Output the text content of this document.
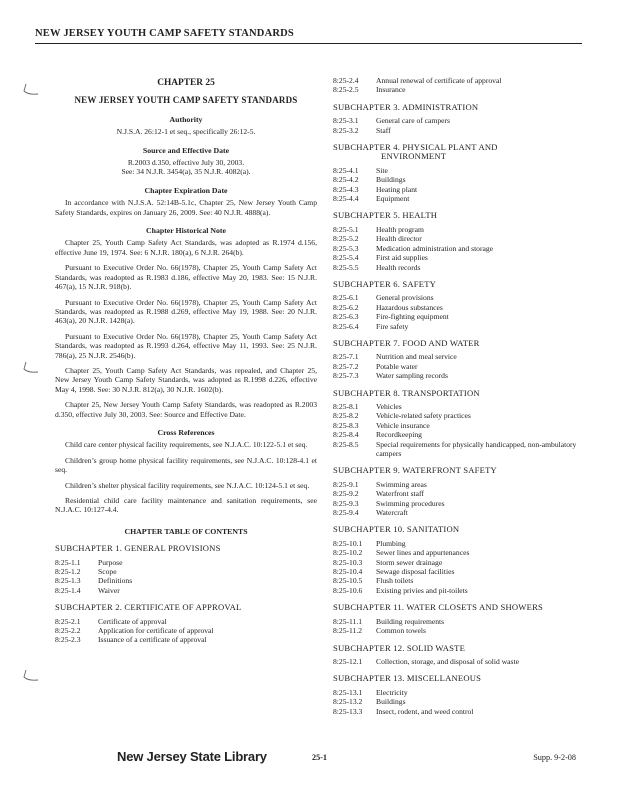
NEW JERSEY YOUTH CAMP SAFETY STANDARDS
CHAPTER 25
NEW JERSEY YOUTH CAMP SAFETY STANDARDS
Authority

N.J.S.A. 26:12-1 et seq., specifically 26:12-5.

Source and Effective Date

R.2003 d.350, effective July 30, 2003.

See: 34 N.J.R. 3454(a), 35 N.J.R. 4082(a).

Chapter Expiration Date

In accordance with N.J.S.A. 52:14B-5.1c, Chapter 25, New Jersey Youth Camp Safety Standards, expires on January 26, 2009. See: 40 N.J.R. 4888(a).

Chapter Historical Note

Chapter 25, Youth Camp Safety Act Standards, was adopted as R.1974 d.156, effective June 19, 1974. See: 6 N.J.R. 180(a), 6 N.J.R. 264(b).

Pursuant to Executive Order No. 66(1978), Chapter 25, Youth Camp Safety Act Standards, was readopted as R.1983 d.186, effective May 20, 1983. See: 15 N.J.R. 467(a), 15 N.J.R. 918(b).

Pursuant to Executive Order No. 66(1978), Chapter 25, Youth Camp Safety Act Standards, was readopted as R.1988 d.269, effective May 19, 1988. See: 20 N.J.R. 463(a), 20 N.J.R. 1428(a).

Pursuant to Executive Order No. 66(1978), Chapter 25, Youth Camp Safety Act Standards, was readopted as R.1993 d.264, effective May 11, 1993. See: 25 N.J.R. 786(a), 25 N.J.R. 2546(b).

Chapter 25, Youth Camp Safety Act Standards, was repealed, and Chapter 25, New Jersey Youth Camp Safety Standards, was adopted as R.1998 d.226, effective May 4, 1998. See: 30 N.J.R. 812(a), 30 N.J.R. 1602(b).

Chapter 25, New Jersey Youth Camp Safety Standards, was readopted as R.2003 d.350, effective July 30, 2003. See: Source and Effective Date.

Cross References

Child care center physical facility requirements, see N.J.A.C. 10:122-5.1 et seq.

Children’s group home physical facility requirements, see N.J.A.C. 10:128-4.1 et seq.

Children’s shelter physical facility requirements, see N.J.A.C. 10:124-5.1 et seq.

Residential child care facility maintenance and sanitation requirements, see N.J.A.C. 10:127-4.4.

CHAPTER TABLE OF CONTENTS
SUBCHAPTER 1. GENERAL PROVISIONS
8:25-1.1	Purpose
8:25-1.2	Scope
8:25-1.3	Definitions
8:25-1.4	Waiver
SUBCHAPTER 2. CERTIFICATE OF APPROVAL
8:25-2.1	Certificate of approval
8:25-2.2	Application for certificate of approval
8:25-2.3	Issuance of a certificate of approval
8:25-2.4	Annual renewal of certificate of approval
8:25-2.5	Insurance
SUBCHAPTER 3. ADMINISTRATION
8:25-3.1	General care of campers
8:25-3.2	Staff
SUBCHAPTER 4. PHYSICAL PLANT AND
ENVIRONMENT
8:25-4.1	Site
8:25-4.2	Buildings
8:25-4.3	Heating plant
8:25-4.4	Equipment
SUBCHAPTER 5. HEALTH
8:25-5.1	Health program
8:25-5.2	Health director
8:25-5.3	Medication administration and storage
8:25-5.4	First aid supplies
8:25-5.5	Health records
SUBCHAPTER 6. SAFETY
8:25-6.1	General provisions
8:25-6.2	Hazardous substances
8:25-6.3	Fire-fighting equipment
8:25-6.4	Fire safety
SUBCHAPTER 7. FOOD AND WATER
8:25-7.1	Nutrition and meal service
8:25-7.2	Potable water
8:25-7.3	Water sampling records
SUBCHAPTER 8. TRANSPORTATION
8:25-8.1	Vehicles
8:25-8.2	Vehicle-related safety practices
8:25-8.3	Vehicle insurance
8:25-8.4	Recordkeeping
8:25-8.5	Special requirements for physically handicapped, non-ambulatory campers
SUBCHAPTER 9. WATERFRONT SAFETY
8:25-9.1	Swimming areas
8:25-9.2	Waterfront staff
8:25-9.3	Swimming procedures
8:25-9.4	Watercraft
SUBCHAPTER 10. SANITATION
8:25-10.1	Plumbing
8:25-10.2	Sewer lines and appurtenances
8:25-10.3	Storm sewer drainage
8:25-10.4	Sewage disposal facilities
8:25-10.5	Flush toilets
8:25-10.6	Existing privies and pit-toilets
SUBCHAPTER 11. WATER CLOSETS AND SHOWERS
8:25-11.1	Building requirements
8:25-11.2	Common towels
SUBCHAPTER 12. SOLID WASTE
8:25-12.1	Collection, storage, and disposal of solid waste
SUBCHAPTER 13. MISCELLANEOUS
8:25-13.1	Electricity
8:25-13.2	Buildings
8:25-13.3	Insect, rodent, and weed control
New Jersey State Library	25-1	Supp. 9-2-08
